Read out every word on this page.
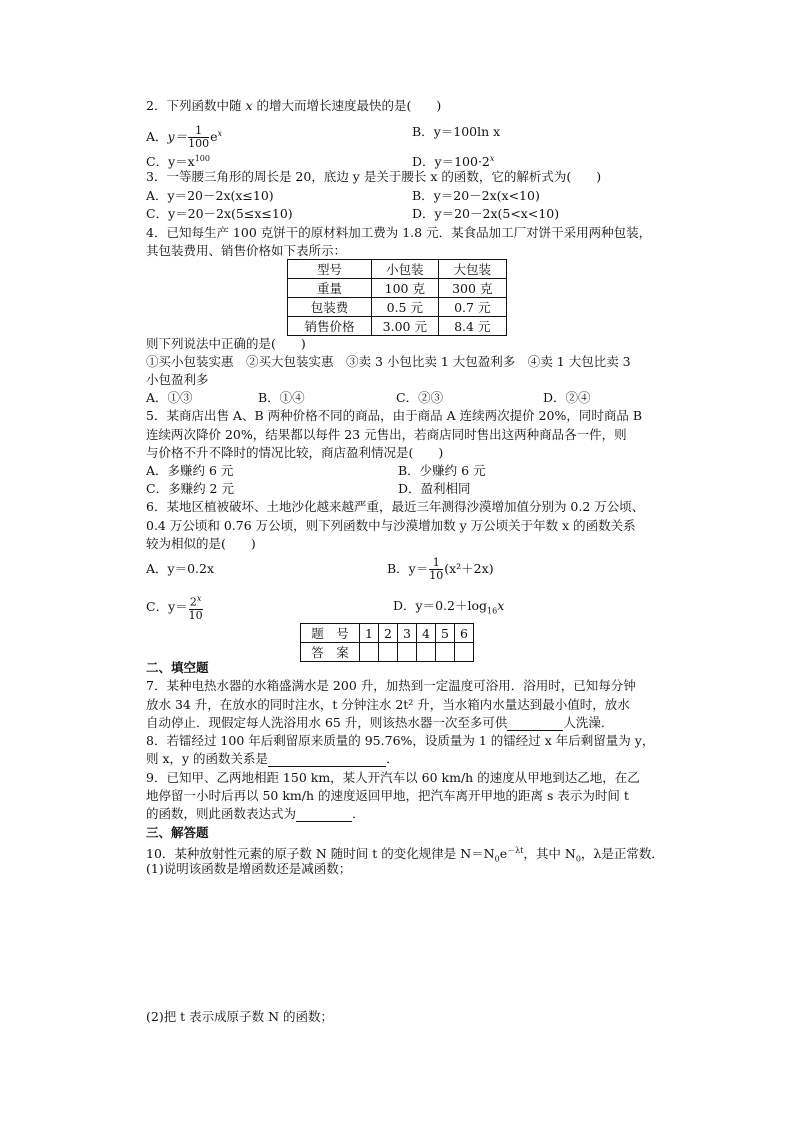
2．下列函数中随 x 的增大而增长速度最快的是(　　)
A．$y= \frac{1}{100} e^x$	B．y＝100ln x
C．$y=x^{100}$	D．$y=100\cdot 2^x$
3．一等腰三角形的周长是 20，底边 y 是关于腰长 x 的函数，它的解析式为(　　)
A．y＝20－2x(x≤10)	B．y＝20－2x(x<10)
C．y＝20－2x(5≤x≤10)	D．y＝20－2x(5<x<10)
4．已知每生产 100 克饼干的原材料加工费为 1.8 元．某食品加工厂对饼干采用两种包装，
其包装费用、销售价格如下表所示：
型号	小包装	大包装
重量	100 克	300 克
包装费	0.5 元	0.7 元
销售价格	3.00 元	8.4 元
则下列说法中正确的是(　　)
①买小包装实惠　②买大包装实惠　③卖 3 小包比卖 1 大包盈利多　④卖 1 大包比卖 3
小包盈利多
A．①③	B．①④	C．②③	D．②④
5．某商店出售 A、B 两种价格不同的商品，由于商品 A 连续两次提价 20%，同时商品 B
连续两次降价 20%，结果都以每件 23 元售出，若商店同时售出这两种商品各一件，则
与价格不升不降时的情况比较，商店盈利情况是(　　)
A．多赚约 6 元	B．少赚约 6 元
C．多赚约 2 元	D．盈利相同
6．某地区植被破坏、土地沙化越来越严重，最近三年测得沙漠增加值分别为 0.2 万公顷、
0.4 万公顷和 0.76 万公顷，则下列函数中与沙漠增加数 y 万公顷关于年数 x 的函数关系
较为相似的是(　　)
A．y＝0.2x	B．$y= \frac{1}{10} (x^2+2x)$
C．$y= \frac{2^x}{10}$	D．$y=0.2+\log_{16}x$
题　号	1	2	3	4	5	6
答　案						
二、填空题
7．某种电热水器的水箱盛满水是 200 升，加热到一定温度可浴用．浴用时，已知每分钟
放水 34 升，在放水的同时注水，t 分钟注水 2t² 升，当水箱内水量达到最小值时，放水
自动停止．现假定每人洗浴用水 65 升，则该热水器一次至多可供	人洗澡．
8．若镭经过 100 年后剩留原来质量的 95.76%，设质量为 1 的镭经过 x 年后剩留量为 y，
则 x，y 的函数关系是	．
9．已知甲、乙两地相距 150 km，某人开汽车以 60 km/h 的速度从甲地到达乙地，在乙
地停留一小时后再以 50 km/h 的速度返回甲地，把汽车离开甲地的距离 s 表示为时间 t
的函数，则此函数表达式为	．
三、解答题
10．某种放射性元素的原子数 N 随时间 t 的变化规律是 $N=N_0e^{-\lambda t}$，其中 $N_0$，λ是正常数．
(1)说明该函数是增函数还是减函数；
(2)把 t 表示成原子数 N 的函数；
